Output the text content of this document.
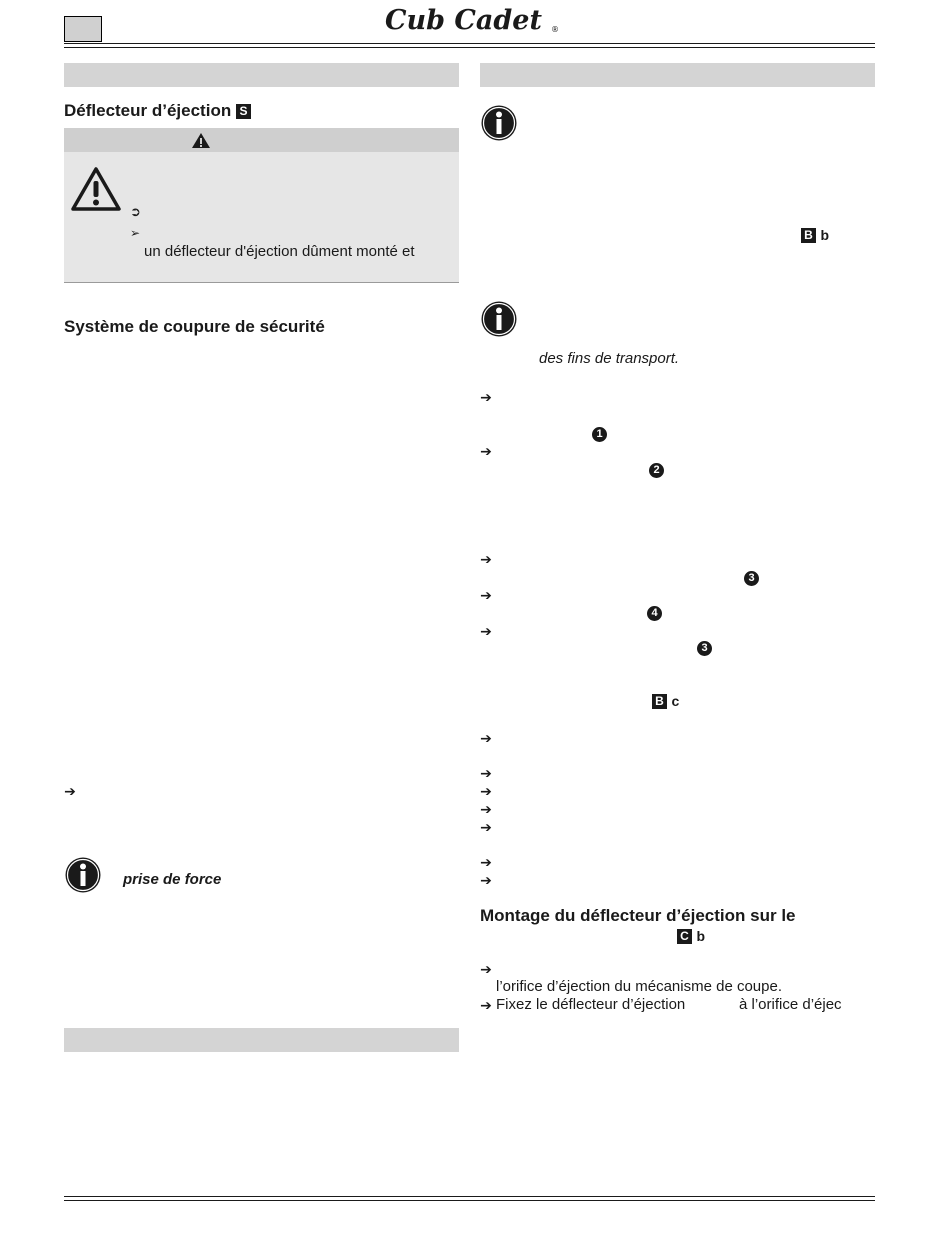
Cub Cadet ®
Déflecteur d’éjection S
➲
➢
un déflecteur d'éjection dûment monté et
Système de coupure de sécurité
➔
prise de force
B b
des fins de transport.
➔
1
➔
2
➔
3
➔
4
➔
3
B c
➔
➔
➔
➔
➔
➔
➔
Montage du déflecteur d’éjection sur le
C b
➔
l’orifice d’éjection du mécanisme de coupe.
➔ Fixez le déflecteur d’éjection	à l’orifice d’éjec
